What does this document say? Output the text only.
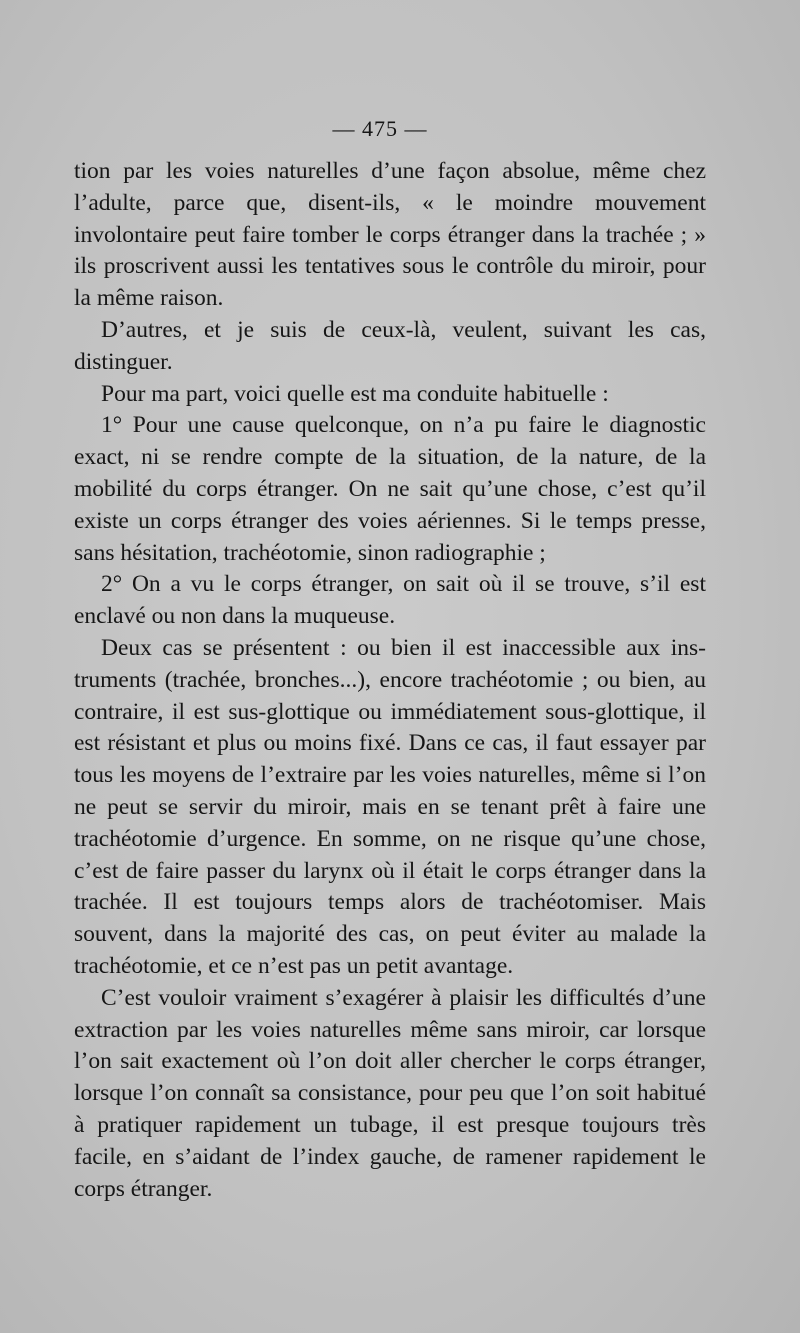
— 475 —

tion par les voies naturelles d’une façon absolue, même chez l’adulte, parce que, disent-ils, « le moindre mouvement involontaire peut faire tomber le corps étranger dans la trachée ; » ils proscrivent aussi les tentatives sous le contrôle du miroir, pour la même raison.

D’autres, et je suis de ceux-là, veulent, suivant les cas, distinguer.

Pour ma part, voici quelle est ma conduite habituelle :

1° Pour une cause quelconque, on n’a pu faire le diagnostic exact, ni se rendre compte de la situation, de la nature, de la mobilité du corps étranger. On ne sait qu’une chose, c’est qu’il existe un corps étranger des voies aériennes. Si le temps presse, sans hésitation, trachéotomie, sinon radiographie ;

2° On a vu le corps étranger, on sait où il se trouve, s’il est enclavé ou non dans la muqueuse.

Deux cas se présentent : ou bien il est inaccessible aux instruments (trachée, bronches...), encore trachéotomie ; ou bien, au contraire, il est sus-glottique ou immédiatement sous-glottique, il est résistant et plus ou moins fixé. Dans ce cas, il faut essayer par tous les moyens de l’extraire par les voies naturelles, même si l’on ne peut se servir du miroir, mais en se tenant prêt à faire une trachéotomie d’urgence. En somme, on ne risque qu’une chose, c’est de faire passer du larynx où il était le corps étranger dans la trachée. Il est toujours temps alors de trachéotomiser. Mais souvent, dans la majorité des cas, on peut éviter au malade la trachéotomie, et ce n’est pas un petit avantage.

C’est vouloir vraiment s’exagérer à plaisir les difficultés d’une extraction par les voies naturelles même sans miroir, car lorsque l’on sait exactement où l’on doit aller chercher le corps étranger, lorsque l’on connaît sa consistance, pour peu que l’on soit habitué à pratiquer rapidement un tubage, il est presque toujours très facile, en s’aidant de l’index gauche, de ramener rapidement le corps étranger.
